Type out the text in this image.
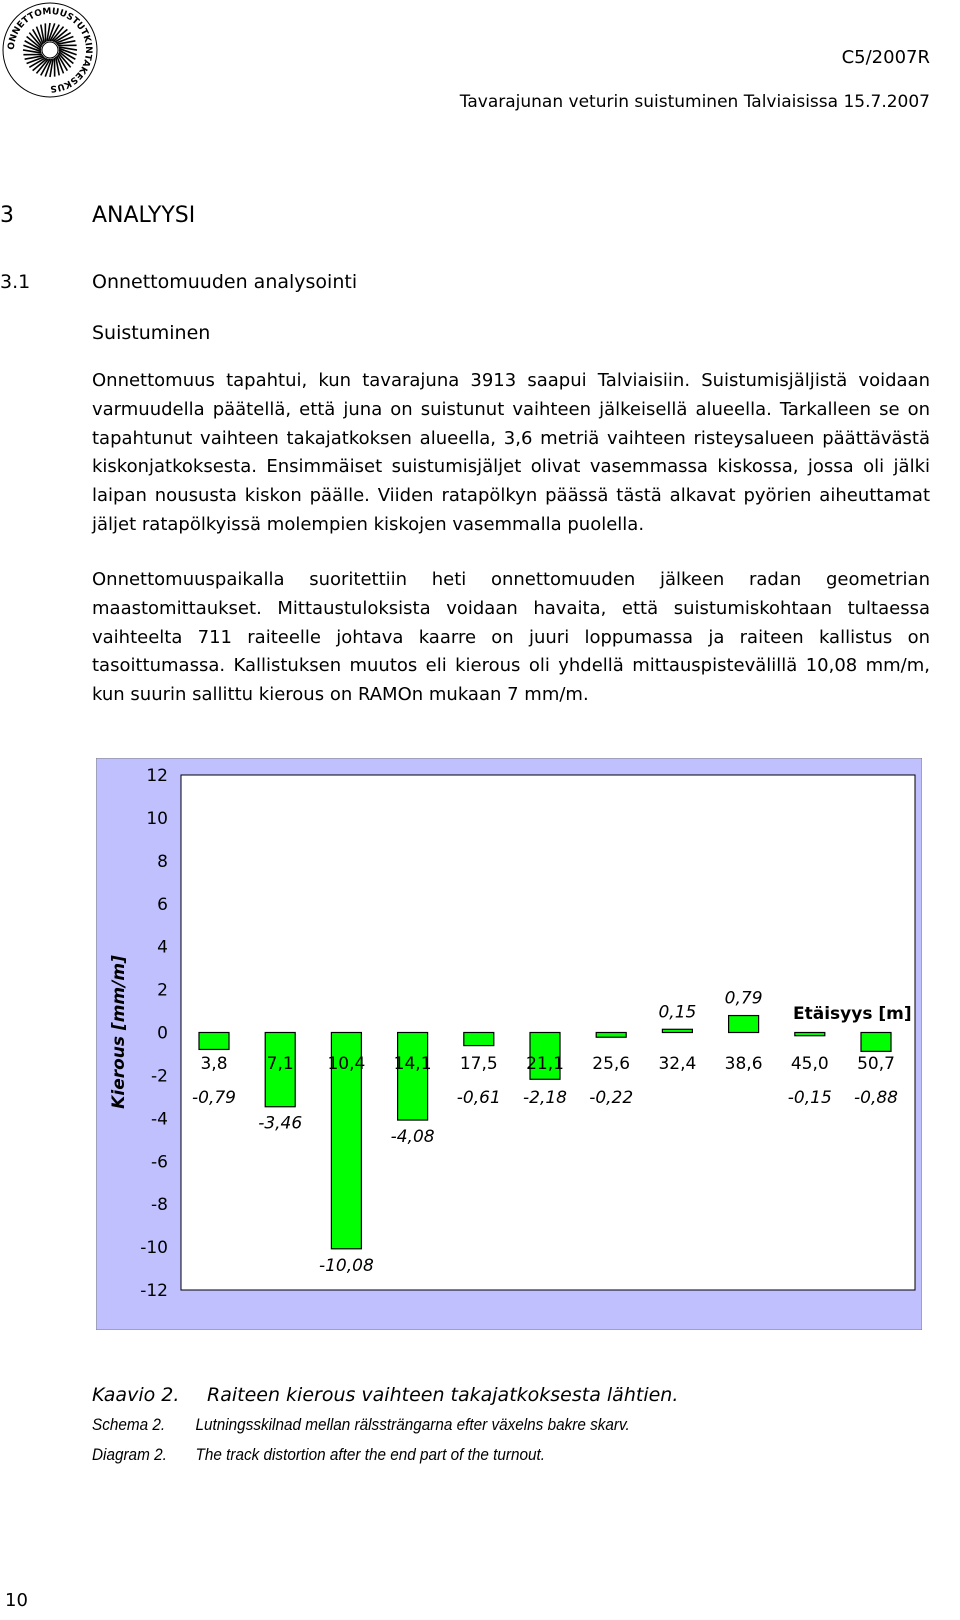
ONNETTOMUUSTUTKINTAKESKUS
C5/2007R
Tavarajunan veturin suistuminen Talviaisissa 15.7.2007
3	ANALYYSI
3.1	Onnettomuuden analysointi
Suistuminen
Onnettomuus tapahtui, kun tavarajuna 3913 saapui Talviaisiin. Suistumisjäljistä voidaan varmuudella päätellä, että juna on suistunut vaihteen jälkeisellä alueella. Tarkalleen se on tapahtunut vaihteen takajatkoksen alueella, 3,6 metriä vaihteen risteysalueen päättävästä kiskonjatkoksesta. Ensimmäiset suistumisjäljet olivat vasemmassa kiskossa, jossa oli jälki laipan noususta kiskon päälle. Viiden ratapölkyn päässä tästä alkavat pyörien aiheuttamat jäljet ratapölkyissä molempien kiskojen vasemmalla puolella.
Onnettomuuspaikalla suoritettiin heti onnettomuuden jälkeen radan geometrian maastomittaukset. Mittaustuloksista voidaan havaita, että suistumiskohtaan tultaessa vaihteelta 711 raiteelle johtava kaarre on juuri loppumassa ja raiteen kallistus on tasoittumassa. Kallistuksen muutos eli kierous oli yhdellä mittauspistevälillä 10,08 mm/m, kun suurin sallittu kierous on RAMOn mukaan 7 mm/m.
12
10
8
6
4
2
0
-2
-4
-6
-8
-10
-12
3,8 7,1 10,4 14,1 17,5 21,1 25,6 32,4 38,6 45,0 50,7
-0,79
-3,46
-10,08
-4,08
-0,61 -2,18 -0,22
0,15
0,79
-0,15 -0,88
Kierous [mm/m]	Etäisyys [m]
Kaavio 2. Raiteen kierous vaihteen takajatkoksesta lähtien.
Schema 2. Lutningsskilnad mellan rälssträngarna efter växelns bakre skarv.
Diagram 2. The track distortion after the end part of the turnout.
10
